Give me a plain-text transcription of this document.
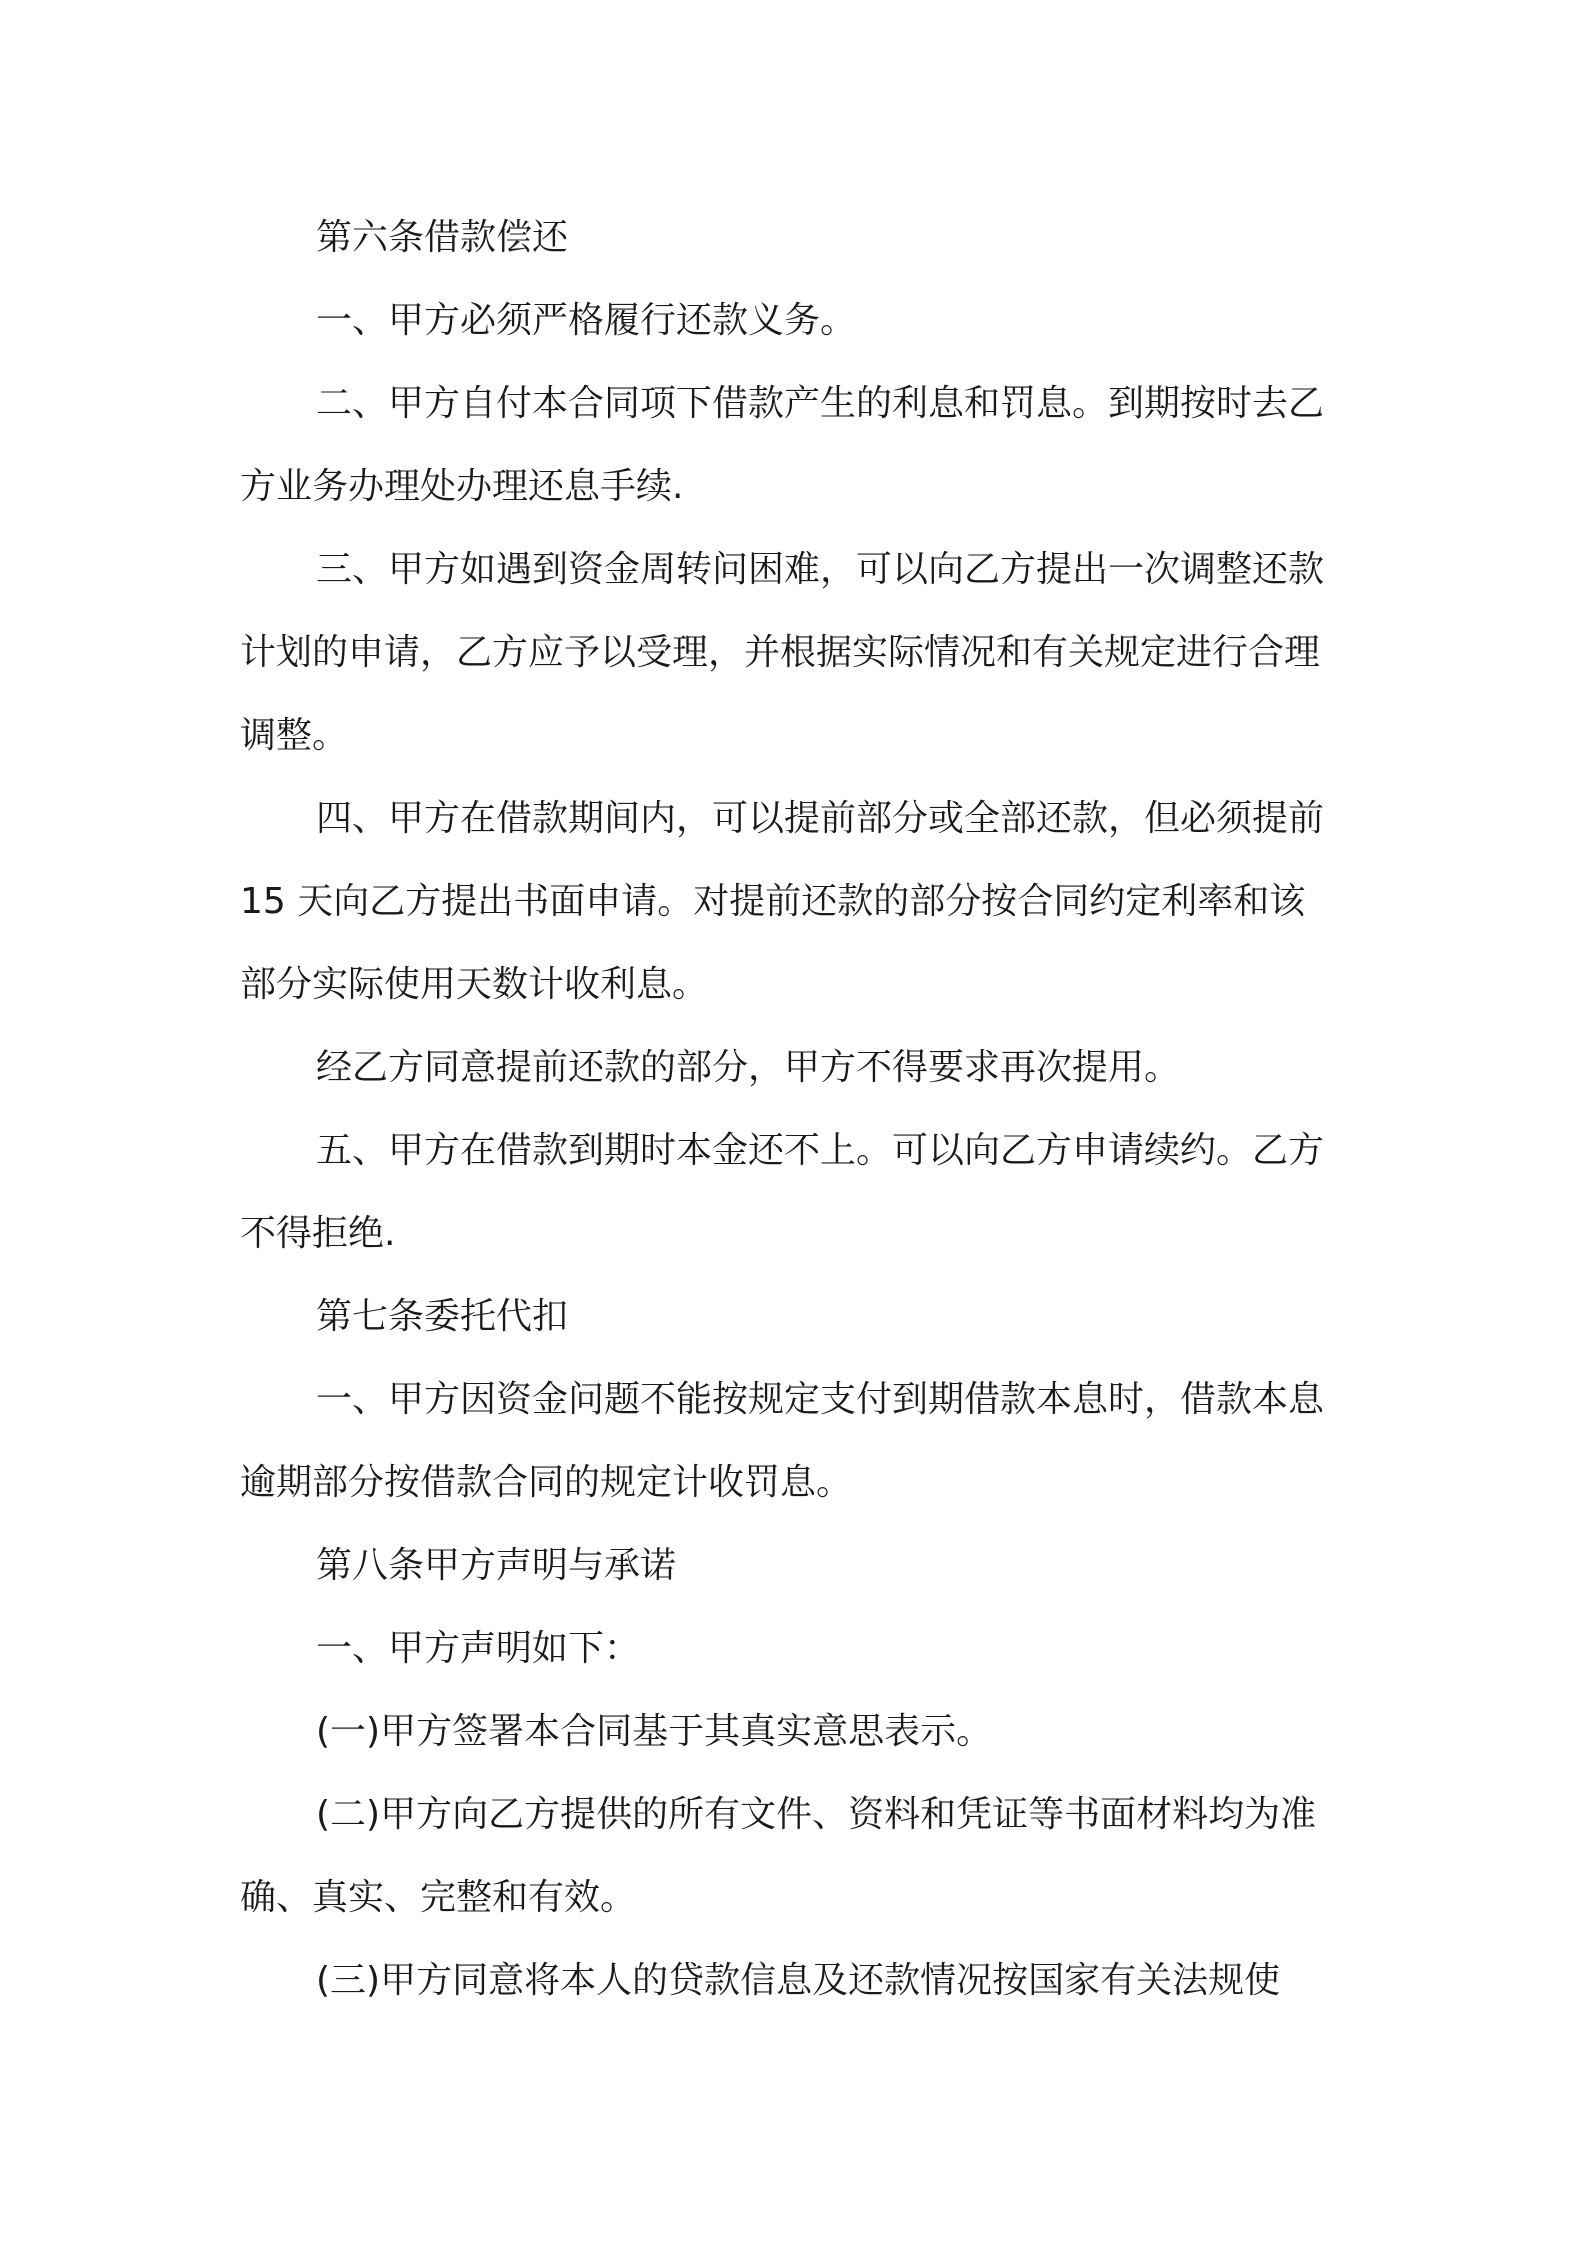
第六条借款偿还
一、甲方必须严格履行还款义务。
二、甲方自付本合同项下借款产生的利息和罚息。到期按时去乙
方业务办理处办理还息手续.
三、甲方如遇到资金周转问困难，可以向乙方提出一次调整还款
计划的申请，乙方应予以受理，并根据实际情况和有关规定进行合理
调整。
四、甲方在借款期间内，可以提前部分或全部还款，但必须提前
15 天向乙方提出书面申请。对提前还款的部分按合同约定利率和该
部分实际使用天数计收利息。
经乙方同意提前还款的部分，甲方不得要求再次提用。
五、甲方在借款到期时本金还不上。可以向乙方申请续约。乙方
不得拒绝.
第七条委托代扣
一、甲方因资金问题不能按规定支付到期借款本息时，借款本息
逾期部分按借款合同的规定计收罚息。
第八条甲方声明与承诺
一、甲方声明如下：
(一)甲方签署本合同基于其真实意思表示。
(二)甲方向乙方提供的所有文件、资料和凭证等书面材料均为准
确、真实、完整和有效。
(三)甲方同意将本人的贷款信息及还款情况按国家有关法规使
